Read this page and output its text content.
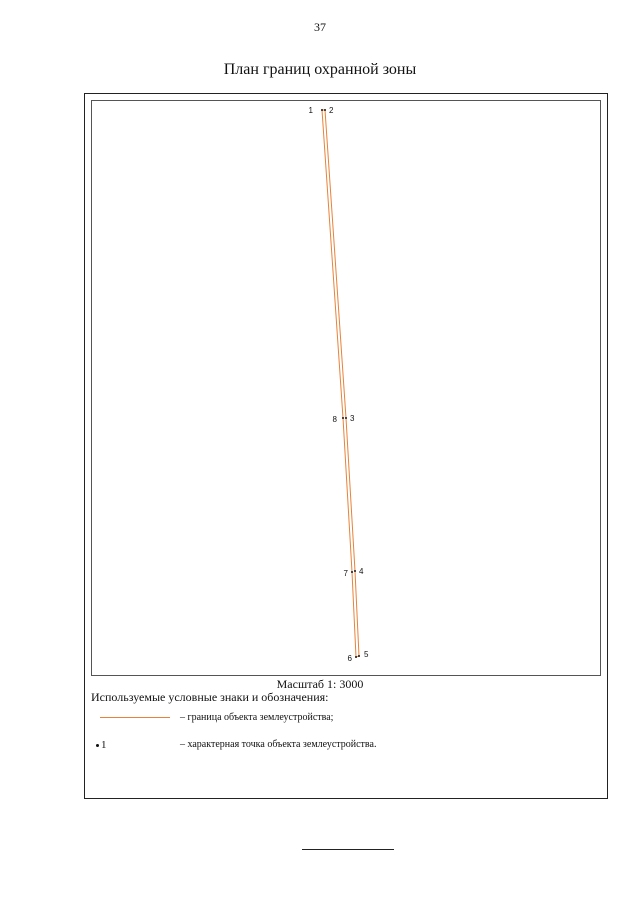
37
План границ охранной зоны
1 2
3
4
5
6
7
8
Масштаб 1: 3000
Используемые условные знаки и обозначения:
– граница объекта землеустройства;
1	– характерная точка объекта землеустройства.
